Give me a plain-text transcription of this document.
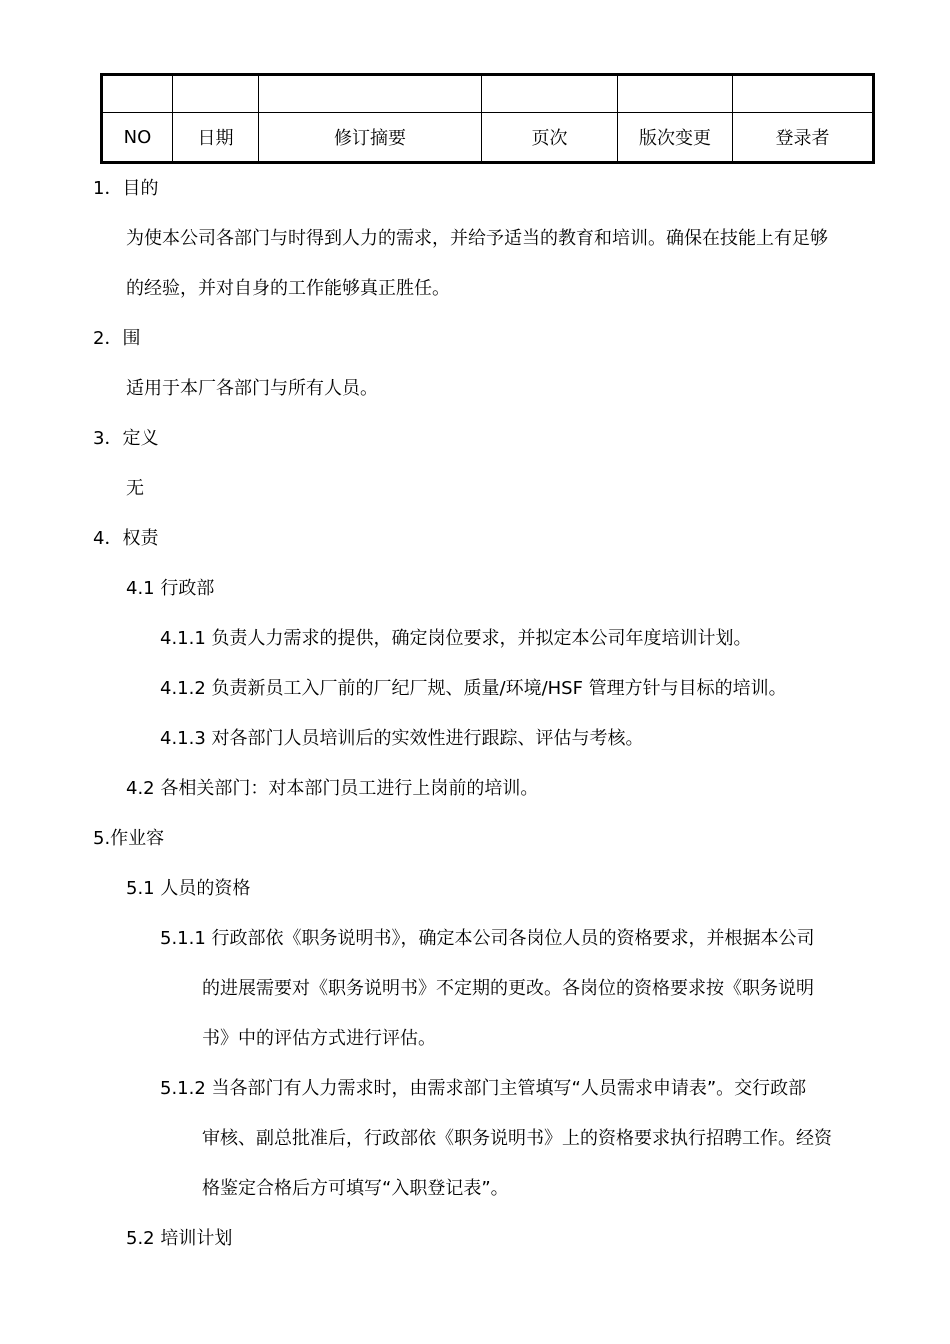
NO	日期	修订摘要	页次	版次变更	登录者
1．目的
为使本公司各部门与时得到人力的需求，并给予适当的教育和培训。确保在技能上有足够
的经验，并对自身的工作能够真正胜任。
2．围
适用于本厂各部门与所有人员。
3．定义
无
4．权责
4.1 行政部
4.1.1 负责人力需求的提供，确定岗位要求，并拟定本公司年度培训计划。
4.1.2 负责新员工入厂前的厂纪厂规、质量/环境/HSF 管理方针与目标的培训。
4.1.3 对各部门人员培训后的实效性进行跟踪、评估与考核。
4.2 各相关部门：对本部门员工进行上岗前的培训。
5.作业容
5.1 人员的资格
5.1.1 行政部依《职务说明书》，确定本公司各岗位人员的资格要求，并根据本公司
的进展需要对《职务说明书》不定期的更改。各岗位的资格要求按《职务说明
书》中的评估方式进行评估。
5.1.2 当各部门有人力需求时，由需求部门主管填写“人员需求申请表”。交行政部
审核、副总批准后，行政部依《职务说明书》上的资格要求执行招聘工作。经资
格鉴定合格后方可填写“入职登记表”。
5.2 培训计划
